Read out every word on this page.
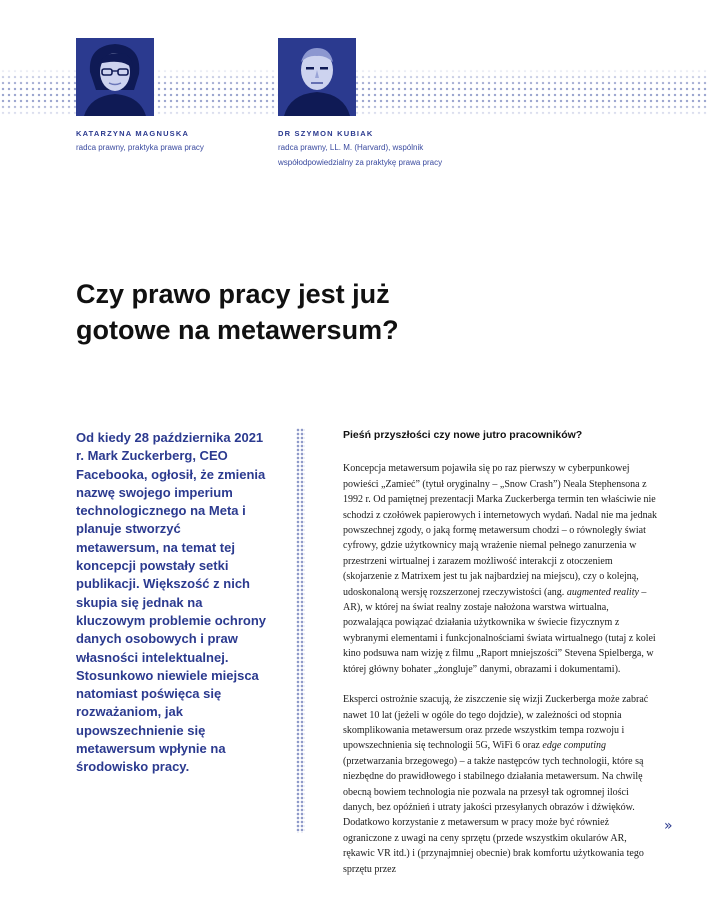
KATARZYNA MAGNUSKA
radca prawny, praktyka prawa pracy
DR SZYMON KUBIAK
radca prawny, LL. M. (Harvard), wspólnik
współodpowiedzialny za praktykę prawa pracy
Czy prawo pracy jest już
gotowe na metawersum?

Od kiedy 28 października 2021 r. Mark Zuckerberg, CEO Facebooka, ogłosił, że zmienia nazwę swojego imperium technologicznego na Meta i planuje stworzyć metawersum, na temat tej koncepcji powstały setki publikacji. Większość z nich skupia się jednak na kluczowym problemie ochrony danych osobowych i praw własności intelektualnej. Stosunkowo niewiele miejsca natomiast poświęca się rozważaniom, jak upowszechnienie się metawersum wpłynie na środowisko pracy.

Pieśń przyszłości czy nowe jutro pracowników?

Koncepcja metawersum pojawiła się po raz pierwszy w cyberpunkowej powieści „Zamieć” (tytuł oryginalny – „Snow Crash”) Neala Stephensona z 1992 r. Od pamiętnej prezentacji Marka Zuckerberga termin ten właściwie nie schodzi z czołówek papierowych i internetowych wydań. Nadal nie ma jednak powszechnej zgody, o jaką formę metawersum chodzi – o równoległy świat cyfrowy, gdzie użytkownicy mają wrażenie niemal pełnego zanurzenia w przestrzeni wirtualnej i zarazem możliwość interakcji z otoczeniem (skojarzenie z Matrixem jest tu jak najbardziej na miejscu), czy o kolejną, udoskonaloną wersję rozszerzonej rzeczywistości (ang. augmented reality – AR), w której na świat realny zostaje nałożona warstwa wirtualna, pozwalająca powiązać działania użytkownika w świecie fizycznym z wybranymi elementami i funkcjonalnościami świata wirtualnego (tutaj z kolei kino podsuwa nam wizję z filmu „Raport mniejszości” Stevena Spielberga, w której główny bohater „żongluje” danymi, obrazami i dokumentami).

Eksperci ostrożnie szacują, że ziszczenie się wizji Zuckerberga może zabrać nawet 10 lat (jeżeli w ogóle do tego dojdzie), w zależności od stopnia skomplikowania metawersum oraz przede wszystkim tempa rozwoju i upowszechnienia się technologii 5G, WiFi 6 oraz edge computing (przetwarzania brzegowego) – a także następców tych technologii, które są niezbędne do prawidłowego i stabilnego działania metawersum. Na chwilę obecną bowiem technologia nie pozwala na przesył tak ogromnej ilości danych, bez opóźnień i utraty jakości przesyłanych obrazów i dźwięków. Dodatkowo korzystanie z metawersum w pracy może być również ograniczone z uwagi na ceny sprzętu (przede wszystkim okularów AR, rękawic VR itd.) i (przynajmniej obecnie) brak komfortu użytkowania tego sprzętu przez

»
